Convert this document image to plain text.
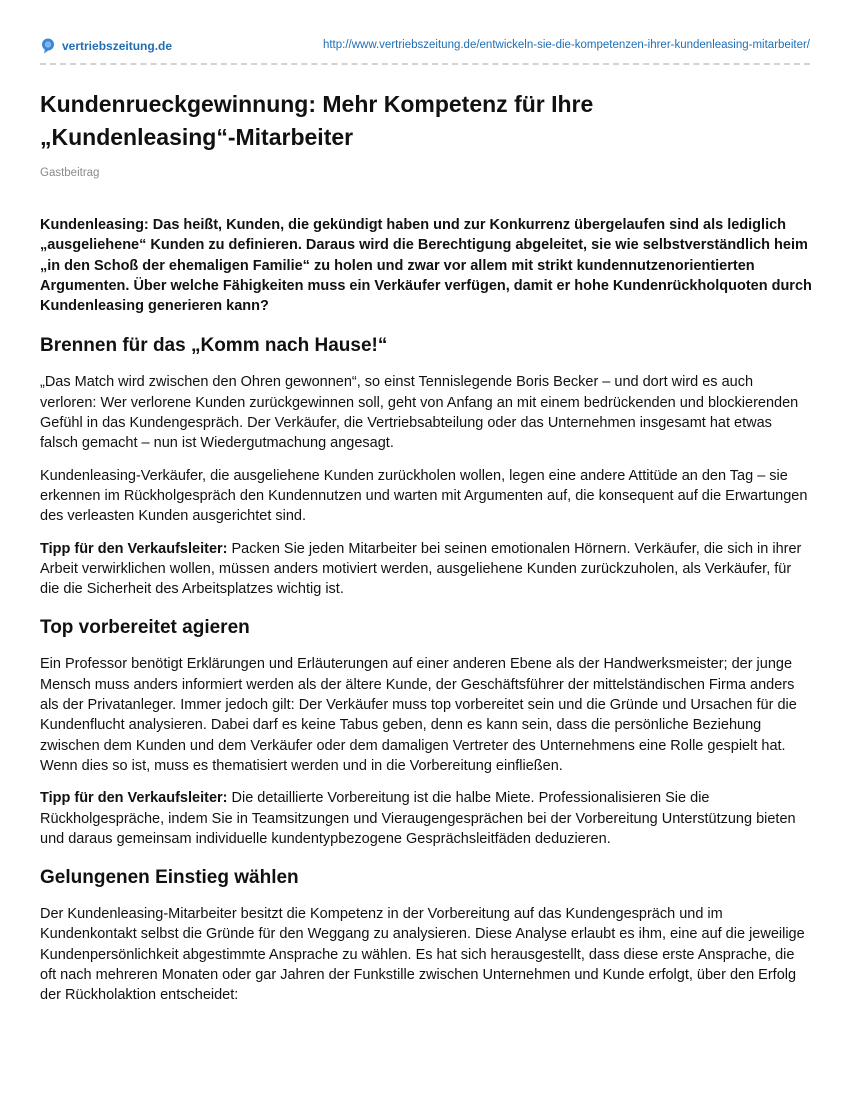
vertriebszeitung.de	http://www.vertriebszeitung.de/entwickeln-sie-die-kompetenzen-ihrer-kundenleasing-mitarbeiter/
Kundenrueckgewinnung: Mehr Kompetenz für Ihre
„Kundenleasing“-Mitarbeiter

Gastbeitrag

Kundenleasing: Das heißt, Kunden, die gekündigt haben und zur Konkurrenz übergelaufen sind als lediglich „ausgeliehene“ Kunden zu definieren. Daraus wird die Berechtigung abgeleitet, sie wie selbstverständlich heim „in den Schoß der ehemaligen Familie“ zu holen und zwar vor allem mit strikt kundennutzenorientierten Argumenten. Über welche Fähigkeiten muss ein Verkäufer verfügen, damit er hohe Kundenrückholquoten durch Kundenleasing generieren kann?

Brennen für das „Komm nach Hause!“

„Das Match wird zwischen den Ohren gewonnen“, so einst Tennislegende Boris Becker – und dort wird es auch verloren: Wer verlorene Kunden zurückgewinnen soll, geht von Anfang an mit einem bedrückenden und blockierenden Gefühl in das Kundengespräch. Der Verkäufer, die Vertriebsabteilung oder das Unternehmen insgesamt hat etwas falsch gemacht – nun ist Wiedergutmachung angesagt.

Kundenleasing-Verkäufer, die ausgeliehene Kunden zurückholen wollen, legen eine andere Attitüde an den Tag – sie erkennen im Rückholgespräch den Kundennutzen und warten mit Argumenten auf, die konsequent auf die Erwartungen des verleasten Kunden ausgerichtet sind.

Tipp für den Verkaufsleiter: Packen Sie jeden Mitarbeiter bei seinen emotionalen Hörnern. Verkäufer, die sich in ihrer Arbeit verwirklichen wollen, müssen anders motiviert werden, ausgeliehene Kunden zurückzuholen, als Verkäufer, für die die Sicherheit des Arbeitsplatzes wichtig ist.

Top vorbereitet agieren

Ein Professor benötigt Erklärungen und Erläuterungen auf einer anderen Ebene als der Handwerksmeister; der junge Mensch muss anders informiert werden als der ältere Kunde, der Geschäftsführer der mittelständischen Firma anders als der Privatanleger. Immer jedoch gilt: Der Verkäufer muss top vorbereitet sein und die Gründe und Ursachen für die Kundenflucht analysieren. Dabei darf es keine Tabus geben, denn es kann sein, dass die persönliche Beziehung zwischen dem Kunden und dem Verkäufer oder dem damaligen Vertreter des Unternehmens eine Rolle gespielt hat. Wenn dies so ist, muss es thematisiert werden und in die Vorbereitung einfließen.

Tipp für den Verkaufsleiter: Die detaillierte Vorbereitung ist die halbe Miete. Professionalisieren Sie die Rückholgespräche, indem Sie in Teamsitzungen und Vieraugengesprächen bei der Vorbereitung Unterstützung bieten und daraus gemeinsam individuelle kundentypbezogene Gesprächsleitfäden deduzieren.

Gelungenen Einstieg wählen

Der Kundenleasing-Mitarbeiter besitzt die Kompetenz in der Vorbereitung auf das Kundengespräch und im Kundenkontakt selbst die Gründe für den Weggang zu analysieren. Diese Analyse erlaubt es ihm, eine auf die jeweilige Kundenpersönlichkeit abgestimmte Ansprache zu wählen. Es hat sich herausgestellt, dass diese erste Ansprache, die oft nach mehreren Monaten oder gar Jahren der Funkstille zwischen Unternehmen und Kunde erfolgt, über den Erfolg der Rückholaktion entscheidet:
